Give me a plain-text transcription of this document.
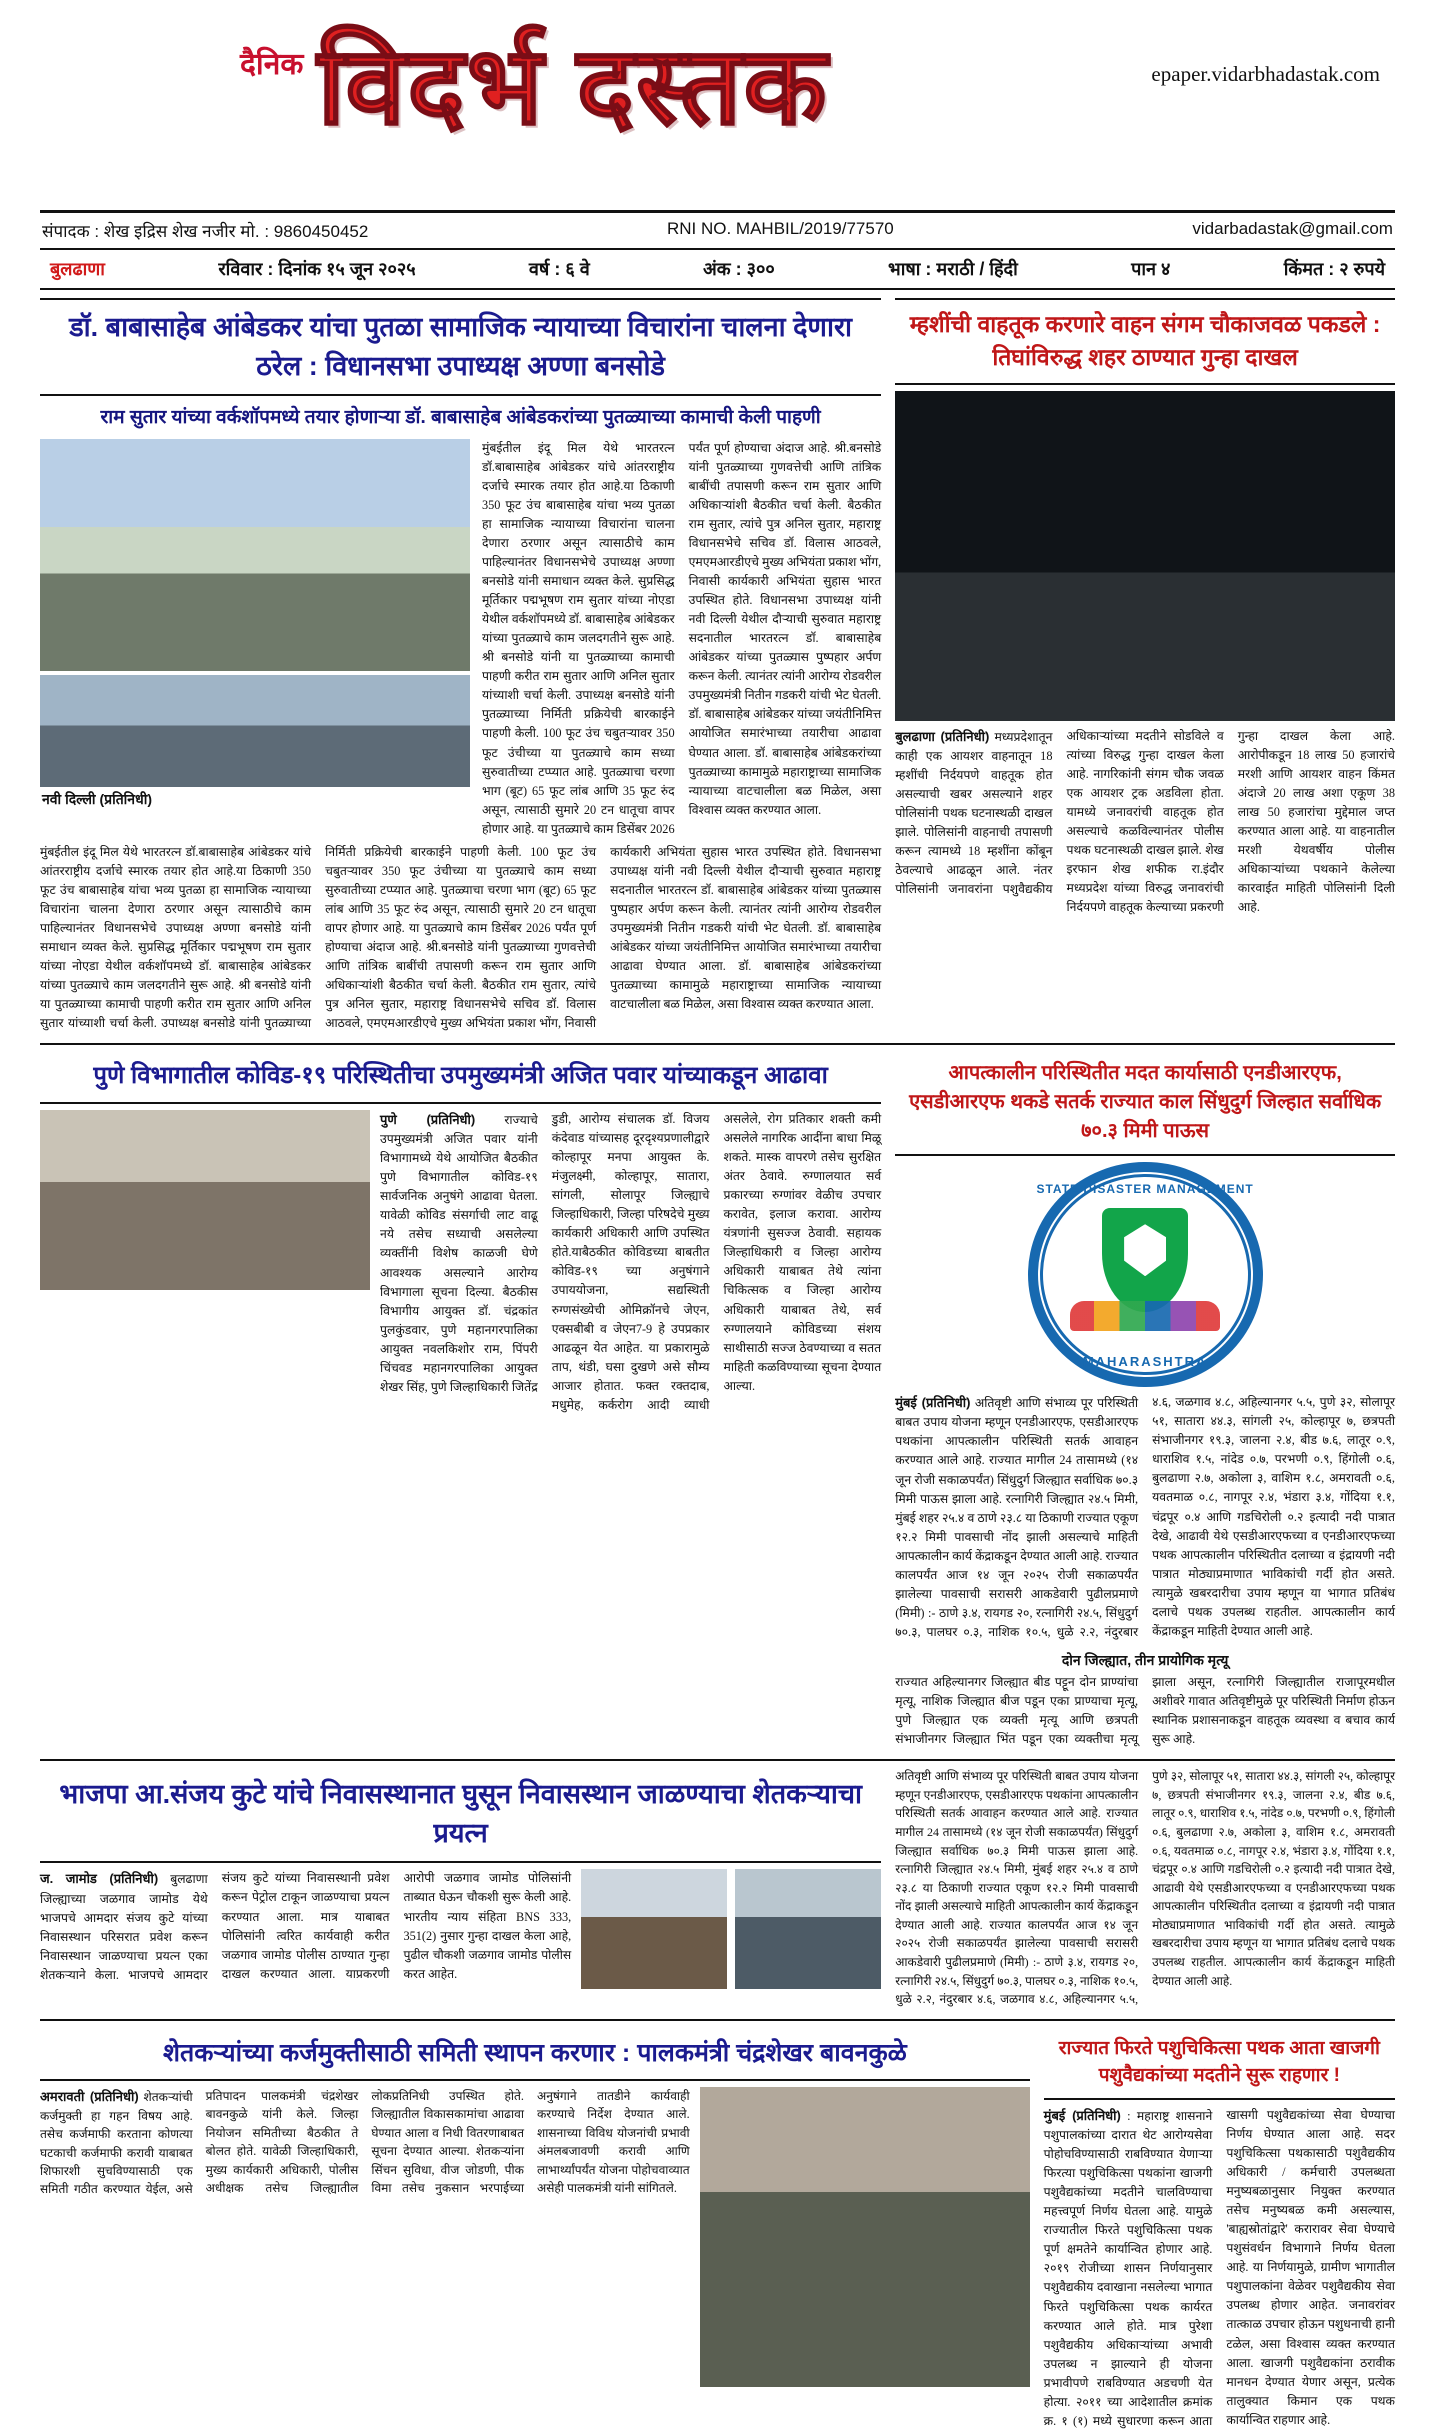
epaper.vidarbhadastak.com
दैनिक विदर्भ दस्तक
संपादक : शेख इद्रिस शेख नजीर मो. : 9860450452	RNI NO. MAHBIL/2019/77570	vidarbadastak@gmail.com
बुलढाणा	रविवार : दिनांक १५ जून २०२५	वर्ष : ६ वे	अंक : ३००	भाषा : मराठी / हिंदी	पान ४	किंमत : २ रुपये
डॉ. बाबासाहेब आंबेडकर यांचा पुतळा सामाजिक न्यायाच्या विचारांना चालना देणारा ठरेल : विधानसभा उपाध्यक्ष अण्णा बनसोडे
राम सुतार यांच्या वर्कशॉपमध्ये तयार होणाऱ्या डॉ. बाबासाहेब आंबेडकरांच्या पुतळ्याच्या कामाची केली पाहणी
नवी दिल्ली (प्रतिनिधी)
मुंबईतील इंदू मिल येथे भारतरत्न डॉ.बाबासाहेब आंबेडकर यांचे आंतरराष्ट्रीय दर्जाचे स्मारक तयार होत आहे.या ठिकाणी 350 फूट उंच बाबासाहेब यांचा भव्य पुतळा हा सामाजिक न्यायाच्या विचारांना चालना देणारा ठरणार असून त्यासाठीचे काम पाहिल्यानंतर विधानसभेचे उपाध्यक्ष अण्णा बनसोडे यांनी समाधान व्यक्त केले. सुप्रसिद्ध मूर्तिकार पद्मभूषण राम सुतार यांच्या नोएडा येथील वर्कशॉपमध्ये डॉ. बाबासाहेब आंबेडकर यांच्या पुतळ्याचे काम जलदगतीने सुरू आहे. श्री बनसोडे यांनी या पुतळ्याच्या कामाची पाहणी करीत राम सुतार आणि अनिल सुतार यांच्याशी चर्चा केली. उपाध्यक्ष बनसोडे यांनी पुतळ्याच्या निर्मिती प्रक्रियेची बारकाईने पाहणी केली. 100 फूट उंच चबुतऱ्यावर 350 फूट उंचीच्या या पुतळ्याचे काम सध्या सुरुवातीच्या टप्प्यात आहे. पुतळ्याचा चरणा भाग (बूट) 65 फूट लांब आणि 35 फूट रुंद असून, त्यासाठी सुमारे 20 टन धातूचा वापर होणार आहे. या पुतळ्याचे काम डिसेंबर 2026 पर्यंत पूर्ण होण्याचा अंदाज आहे. श्री.बनसोडे यांनी पुतळ्याच्या गुणवत्तेची आणि तांत्रिक बाबींची तपासणी करून राम सुतार आणि अधिकाऱ्यांशी बैठकीत चर्चा केली. बैठकीत राम सुतार, त्यांचे पुत्र अनिल सुतार, महाराष्ट्र विधानसभेचे सचिव डॉ. विलास आठवले, एमएमआरडीएचे मुख्य अभियंता प्रकाश भोंग, निवासी कार्यकारी अभियंता सुहास भारत उपस्थित होते. विधानसभा उपाध्यक्ष यांनी नवी दिल्ली येथील दौऱ्याची सुरुवात महाराष्ट्र सदनातील भारतरत्न डॉ. बाबासाहेब आंबेडकर यांच्या पुतळ्यास पुष्पहार अर्पण करून केली. त्यानंतर त्यांनी आरोग्य रोडवरील उपमुख्यमंत्री नितीन गडकरी यांची भेट घेतली. डॉ. बाबासाहेब आंबेडकर यांच्या जयंतीनिमित्त आयोजित समारंभाच्या तयारीचा आढावा घेण्यात आला. डॉ. बाबासाहेब आंबेडकरांच्या पुतळ्याच्या कामामुळे महाराष्ट्राच्या सामाजिक न्यायाच्या वाटचालीला बळ मिळेल, असा विश्वास व्यक्त करण्यात आला.
मुंबईतील इंदू मिल येथे भारतरत्न डॉ.बाबासाहेब आंबेडकर यांचे आंतरराष्ट्रीय दर्जाचे स्मारक तयार होत आहे.या ठिकाणी 350 फूट उंच बाबासाहेब यांचा भव्य पुतळा हा सामाजिक न्यायाच्या विचारांना चालना देणारा ठरणार असून त्यासाठीचे काम पाहिल्यानंतर विधानसभेचे उपाध्यक्ष अण्णा बनसोडे यांनी समाधान व्यक्त केले. सुप्रसिद्ध मूर्तिकार पद्मभूषण राम सुतार यांच्या नोएडा येथील वर्कशॉपमध्ये डॉ. बाबासाहेब आंबेडकर यांच्या पुतळ्याचे काम जलदगतीने सुरू आहे. श्री बनसोडे यांनी या पुतळ्याच्या कामाची पाहणी करीत राम सुतार आणि अनिल सुतार यांच्याशी चर्चा केली. उपाध्यक्ष बनसोडे यांनी पुतळ्याच्या निर्मिती प्रक्रियेची बारकाईने पाहणी केली. 100 फूट उंच चबुतऱ्यावर 350 फूट उंचीच्या या पुतळ्याचे काम सध्या सुरुवातीच्या टप्प्यात आहे. पुतळ्याचा चरणा भाग (बूट) 65 फूट लांब आणि 35 फूट रुंद असून, त्यासाठी सुमारे 20 टन धातूचा वापर होणार आहे. या पुतळ्याचे काम डिसेंबर 2026 पर्यंत पूर्ण होण्याचा अंदाज आहे. श्री.बनसोडे यांनी पुतळ्याच्या गुणवत्तेची आणि तांत्रिक बाबींची तपासणी करून राम सुतार आणि अधिकाऱ्यांशी बैठकीत चर्चा केली. बैठकीत राम सुतार, त्यांचे पुत्र अनिल सुतार, महाराष्ट्र विधानसभेचे सचिव डॉ. विलास आठवले, एमएमआरडीएचे मुख्य अभियंता प्रकाश भोंग, निवासी कार्यकारी अभियंता सुहास भारत उपस्थित होते. विधानसभा उपाध्यक्ष यांनी नवी दिल्ली येथील दौऱ्याची सुरुवात महाराष्ट्र सदनातील भारतरत्न डॉ. बाबासाहेब आंबेडकर यांच्या पुतळ्यास पुष्पहार अर्पण करून केली. त्यानंतर त्यांनी आरोग्य रोडवरील उपमुख्यमंत्री नितीन गडकरी यांची भेट घेतली. डॉ. बाबासाहेब आंबेडकर यांच्या जयंतीनिमित्त आयोजित समारंभाच्या तयारीचा आढावा घेण्यात आला. डॉ. बाबासाहेब आंबेडकरांच्या पुतळ्याच्या कामामुळे महाराष्ट्राच्या सामाजिक न्यायाच्या वाटचालीला बळ मिळेल, असा विश्वास व्यक्त करण्यात आला.
म्हशींची वाहतूक करणारे वाहन संगम चौकाजवळ पकडले : तिघांविरुद्ध शहर ठाण्यात गुन्हा दाखल
बुलढाणा (प्रतिनिधी) मध्यप्रदेशातून काही एक आयशर वाहनातून 18 म्हशींची निर्दयपणे वाहतूक होत असल्याची खबर असल्याने शहर पोलिसांनी पथक घटनास्थळी दाखल झाले. पोलिसांनी वाहनाची तपासणी करून त्यामध्ये 18 म्हशींना कोंबून ठेवल्याचे आढळून आले. नंतर पोलिसांनी जनावरांना पशुवैद्यकीय अधिकाऱ्यांच्या मदतीने सोडविले व त्यांच्या विरुद्ध गुन्हा दाखल केला आहे. नागरिकांनी संगम चौक जवळ एक आयशर ट्रक अडविला होता. यामध्ये जनावरांची वाहतूक होत असल्याचे कळविल्यानंतर पोलीस पथक घटनास्थळी दाखल झाले. शेख इरफान शेख शफीक रा.इंदौर मध्यप्रदेश यांच्या विरुद्ध जनावरांची निर्दयपणे वाहतूक केल्याच्या प्रकरणी गुन्हा दाखल केला आहे. आरोपीकडून 18 लाख 50 हजारांचे मरशी आणि आयशर वाहन किंमत अंदाजे 20 लाख अशा एकूण 38 लाख 50 हजारांचा मुद्देमाल जप्त करण्यात आला आहे. या वाहनातील मरशी येथवर्षीय पोलीस अधिकाऱ्यांच्या पथकाने केलेल्या कारवाईत माहिती पोलिसांनी दिली आहे.
पुणे विभागातील कोविड-१९ परिस्थितीचा उपमुख्यमंत्री अजित पवार यांच्याकडून आढावा
पुणे (प्रतिनिधी) राज्याचे उपमुख्यमंत्री अजित पवार यांनी विभागामध्ये येथे आयोजित बैठकीत पुणे विभागातील कोविड-१९ सार्वजनिक अनुषंगे आढावा घेतला. यावेळी कोविड संसर्गाची लाट वाढू नये तसेच सध्याची असलेल्या व्यक्तींनी विशेष काळजी घेणे आवश्यक असल्याने आरोग्य विभागाला सूचना दिल्या. बैठकीस विभागीय आयुक्त डॉ. चंद्रकांत पुलकुंडवार, पुणे महानगरपालिका आयुक्त नवलकिशोर राम, पिंपरी चिंचवड महानगरपालिका आयुक्त शेखर सिंह, पुणे जिल्हाधिकारी जितेंद्र डुडी, आरोग्य संचालक डॉ. विजय कंदेवाड यांच्यासह दूरदृश्यप्रणालीद्वारे कोल्हापूर मनपा आयुक्त के. मंजुलक्ष्मी, कोल्हापूर, सातारा, सांगली, सोलापूर जिल्ह्याचे जिल्हाधिकारी, जिल्हा परिषदेचे मुख्य कार्यकारी अधिकारी आणि उपस्थित होते.याबैठकीत कोविडच्या बाबतीत कोविड-१९ च्या अनुषंगाने उपाययोजना, सद्यस्थिती रुग्णसंख्येची ओमिक्रॉनचे जेएन, एक्सबीबी व जेएन7-9 हे उपप्रकार आढळून येत आहेत. या प्रकारामुळे ताप, थंडी, घसा दुखणे असे सौम्य आजार होतात. फक्त रक्तदाब, मधुमेह, कर्करोग आदी व्याधी असलेले, रोग प्रतिकार शक्ती कमी असलेले नागरिक आदींना बाधा मिळू शकते. मास्क वापरणे तसेच सुरक्षित अंतर ठेवावे. रुग्णालयात सर्व प्रकारच्या रुग्णांवर वेळीच उपचार करावेत, इलाज करावा. आरोग्य यंत्रणांनी सुसज्ज ठेवावी. सहायक जिल्हाधिकारी व जिल्हा आरोग्य अधिकारी याबाबत तेथे त्यांना चिकित्सक व जिल्हा आरोग्य अधिकारी याबाबत तेथे, सर्व रुग्णालयाने कोविडच्या संशय साथीसाठी सज्ज ठेवण्याच्या व सतत माहिती कळविण्याच्या सूचना देण्यात आल्या.
आपत्कालीन परिस्थितीत मदत कार्यासाठी एनडीआरएफ, एसडीआरएफ थकडे सतर्क राज्यात काल सिंधुदुर्ग जिल्हात सर्वाधिक ७०.३ मिमी पाऊस
STATE DISASTER MANAGEMENT
MAHARASHTRA
मुंबई (प्रतिनिधी) अतिवृष्टी आणि संभाव्य पूर परिस्थिती बाबत उपाय योजना म्हणून एनडीआरएफ, एसडीआरएफ पथकांना आपत्कालीन परिस्थिती सतर्क आवाहन करण्यात आले आहे. राज्यात मागील 24 तासामध्ये (१४ जून रोजी सकाळपर्यंत) सिंधुदुर्ग जिल्ह्यात सर्वाधिक ७०.३ मिमी पाऊस झाला आहे. रत्नागिरी जिल्ह्यात २४.५ मिमी, मुंबई शहर २५.४ व ठाणे २३.८ या ठिकाणी राज्यात एकूण १२.२ मिमी पावसाची नोंद झाली असल्याचे माहिती आपत्कालीन कार्य केंद्राकडून देण्यात आली आहे. राज्यात कालपर्यंत आज १४ जून २०२५ रोजी सकाळपर्यंत झालेल्या पावसाची सरासरी आकडेवारी पुढीलप्रमाणे (मिमी) :- ठाणे ३.४, रायगड २०, रत्नागिरी २४.५, सिंधुदुर्ग ७०.३, पालघर ०.३, नाशिक १०.५, धुळे २.२, नंदुरबार ४.६, जळगाव ४.८, अहिल्यानगर ५.५, पुणे ३२, सोलापूर ५१, सातारा ४४.३, सांगली २५, कोल्हापूर ७, छत्रपती संभाजीनगर १९.३, जालना २.४, बीड ७.६, लातूर ०.९, धाराशिव १.५, नांदेड ०.७, परभणी ०.९, हिंगोली ०.६, बुलढाणा २.७, अकोला ३, वाशिम १.८, अमरावती ०.६, यवतमाळ ०.८, नागपूर २.४, भंडारा ३.४, गोंदिया १.१, चंद्रपूर ०.४ आणि गडचिरोली ०.२ इत्यादी नदी पात्रात देखे, आढावी येथे एसडीआरएफच्या व एनडीआरएफच्या पथक आपत्कालीन परिस्थितीत दलाच्या व इंद्रायणी नदी पात्रात मोठ्याप्रमाणात भाविकांची गर्दी होत असते. त्यामुळे खबरदारीचा उपाय म्हणून या भागात प्रतिबंध दलाचे पथक उपलब्ध राहतील. आपत्कालीन कार्य केंद्राकडून माहिती देण्यात आली आहे.
दोन जिल्ह्यात, तीन प्रायोगिक मृत्यू
राज्यात अहिल्यानगर जिल्ह्यात बीड पट्टून दोन प्राण्यांचा मृत्यू, नाशिक जिल्ह्यात बीज पडून एका प्राण्याचा मृत्यू, पुणे जिल्ह्यात एक व्यक्ती मृत्यू आणि छत्रपती संभाजीनगर जिल्ह्यात भिंत पडून एका व्यक्तीचा मृत्यू झाला असून, रत्नागिरी जिल्ह्यातील राजापूरमधील अशीवरे गावात अतिवृष्टीमुळे पूर परिस्थिती निर्माण होऊन स्थानिक प्रशासनाकडून वाहतूक व्यवस्था व बचाव कार्य सुरू आहे.
भाजपा आ.संजय कुटे यांचे निवासस्थानात घुसून निवासस्थान जाळण्याचा शेतकऱ्याचा प्रयत्न
ज. जामोड (प्रतिनिधी) बुलढाणा जिल्ह्याच्या जळगाव जामोड येथे भाजपचे आमदार संजय कुटे यांच्या निवासस्थान परिसरात प्रवेश करून निवासस्थान जाळण्याचा प्रयत्न एका शेतकऱ्याने केला. भाजपचे आमदार संजय कुटे यांच्या निवासस्थानी प्रवेश करून पेट्रोल टाकून जाळण्याचा प्रयत्न करण्यात आला. मात्र याबाबत पोलिसांनी त्वरित कार्यवाही करीत जळगाव जामोड पोलीस ठाण्यात गुन्हा दाखल करण्यात आला. याप्रकरणी आरोपी जळगाव जामोड पोलिसांनी ताब्यात घेऊन चौकशी सुरू केली आहे. भारतीय न्याय संहिता BNS 333, 351(2) नुसार गुन्हा दाखल केला आहे, पुढील चौकशी जळगाव जामोड पोलीस करत आहेत.
अतिवृष्टी आणि संभाव्य पूर परिस्थिती बाबत उपाय योजना म्हणून एनडीआरएफ, एसडीआरएफ पथकांना आपत्कालीन परिस्थिती सतर्क आवाहन करण्यात आले आहे. राज्यात मागील 24 तासामध्ये (१४ जून रोजी सकाळपर्यंत) सिंधुदुर्ग जिल्ह्यात सर्वाधिक ७०.३ मिमी पाऊस झाला आहे. रत्नागिरी जिल्ह्यात २४.५ मिमी, मुंबई शहर २५.४ व ठाणे २३.८ या ठिकाणी राज्यात एकूण १२.२ मिमी पावसाची नोंद झाली असल्याचे माहिती आपत्कालीन कार्य केंद्राकडून देण्यात आली आहे. राज्यात कालपर्यंत आज १४ जून २०२५ रोजी सकाळपर्यंत झालेल्या पावसाची सरासरी आकडेवारी पुढीलप्रमाणे (मिमी) :- ठाणे ३.४, रायगड २०, रत्नागिरी २४.५, सिंधुदुर्ग ७०.३, पालघर ०.३, नाशिक १०.५, धुळे २.२, नंदुरबार ४.६, जळगाव ४.८, अहिल्यानगर ५.५, पुणे ३२, सोलापूर ५१, सातारा ४४.३, सांगली २५, कोल्हापूर ७, छत्रपती संभाजीनगर १९.३, जालना २.४, बीड ७.६, लातूर ०.९, धाराशिव १.५, नांदेड ०.७, परभणी ०.९, हिंगोली ०.६, बुलढाणा २.७, अकोला ३, वाशिम १.८, अमरावती ०.६, यवतमाळ ०.८, नागपूर २.४, भंडारा ३.४, गोंदिया १.१, चंद्रपूर ०.४ आणि गडचिरोली ०.२ इत्यादी नदी पात्रात देखे, आढावी येथे एसडीआरएफच्या व एनडीआरएफच्या पथक आपत्कालीन परिस्थितीत दलाच्या व इंद्रायणी नदी पात्रात मोठ्याप्रमाणात भाविकांची गर्दी होत असते. त्यामुळे खबरदारीचा उपाय म्हणून या भागात प्रतिबंध दलाचे पथक उपलब्ध राहतील. आपत्कालीन कार्य केंद्राकडून माहिती देण्यात आली आहे.
शेतकऱ्यांच्या कर्जमुक्तीसाठी समिती स्थापन करणार : पालकमंत्री चंद्रशेखर बावनकुळे
अमरावती (प्रतिनिधी) शेतकऱ्यांची कर्जमुक्ती हा गहन विषय आहे. तसेच कर्जमाफी करताना कोणत्या घटकाची कर्जमाफी करावी याबाबत शिफारशी सुचविण्यासाठी एक समिती गठीत करण्यात येईल, असे प्रतिपादन पालकमंत्री चंद्रशेखर बावनकुळे यांनी केले. जिल्हा नियोजन समितीच्या बैठकीत ते बोलत होते. यावेळी जिल्हाधिकारी, मुख्य कार्यकारी अधिकारी, पोलीस अधीक्षक तसेच जिल्ह्यातील लोकप्रतिनिधी उपस्थित होते. जिल्ह्यातील विकासकामांचा आढावा घेण्यात आला व निधी वितरणाबाबत सूचना देण्यात आल्या. शेतकऱ्यांना सिंचन सुविधा, वीज जोडणी, पीक विमा तसेच नुकसान भरपाईच्या अनुषंगाने तातडीने कार्यवाही करण्याचे निर्देश देण्यात आले. शासनाच्या विविध योजनांची प्रभावी अंमलबजावणी करावी आणि लाभार्थ्यांपर्यंत योजना पोहोचवाव्यात असेही पालकमंत्री यांनी सांगितले.
राज्यात फिरते पशुचिकित्सा पथक आता खाजगी पशुवैद्यकांच्या मदतीने सुरू राहणार !
मुंबई (प्रतिनिधी) : महाराष्ट्र शासनाने पशुपालकांच्या दारात थेट आरोग्यसेवा पोहोचविण्यासाठी राबविण्यात येणाऱ्या फिरत्या पशुचिकित्सा पथकांना खाजगी पशुवैद्यकांच्या मदतीने चालविण्याचा महत्त्वपूर्ण निर्णय घेतला आहे. यामुळे राज्यातील फिरते पशुचिकित्सा पथक पूर्ण क्षमतेने कार्यान्वित होणार आहे. २०१९ रोजीच्या शासन निर्णयानुसार पशुवैद्यकीय दवाखाना नसलेल्या भागात फिरते पशुचिकित्सा पथक कार्यरत करण्यात आले होते. मात्र पुरेशा पशुवैद्यकीय अधिकाऱ्यांच्या अभावी उपलब्ध न झाल्याने ही योजना प्रभावीपणे राबविण्यात अडचणी येत होत्या. २०११ च्या आदेशातील क्रमांक क्र. १ (१) मध्ये सुधारणा करून आता खासगी पशुवैद्यकांच्या सेवा घेण्याचा निर्णय घेण्यात आला आहे. सदर पशुचिकित्सा पथकासाठी पशुवैद्यकीय अधिकारी / कर्मचारी उपलब्धता मनुष्यबळानुसार नियुक्त करण्यात तसेच मनुष्यबळ कमी असल्यास, 'बाह्यस्रोतांद्वारे' करारावर सेवा घेण्याचे पशुसंवर्धन विभागाने निर्णय घेतला आहे. या निर्णयामुळे, ग्रामीण भागातील पशुपालकांना वेळेवर पशुवैद्यकीय सेवा उपलब्ध होणार आहेत. जनावरांवर तात्काळ उपचार होऊन पशुधनाची हानी टळेल, असा विश्वास व्यक्त करण्यात आला. खाजगी पशुवैद्यकांना ठरावीक मानधन देण्यात येणार असून, प्रत्येक तालुक्यात किमान एक पथक कार्यान्वित राहणार आहे.
